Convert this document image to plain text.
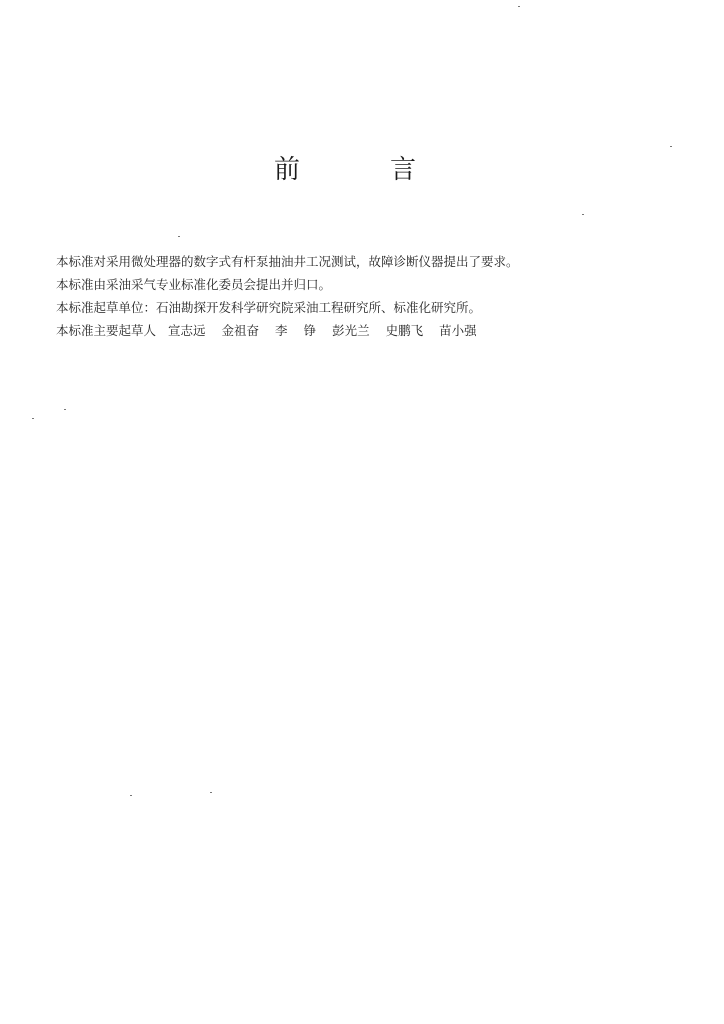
前	言
本标准对采用微处理器的数字式有杆泵抽油井工况测试，故障诊断仪器提出了要求。
本标准由采油采气专业标准化委员会提出并归口。
本标准起草单位：石油勘探开发科学研究院采油工程研究所、标准化研究所。
本标准主要起草人 宣志远 金祖奋 李 铮 彭光兰 史鹏飞 苗小强
